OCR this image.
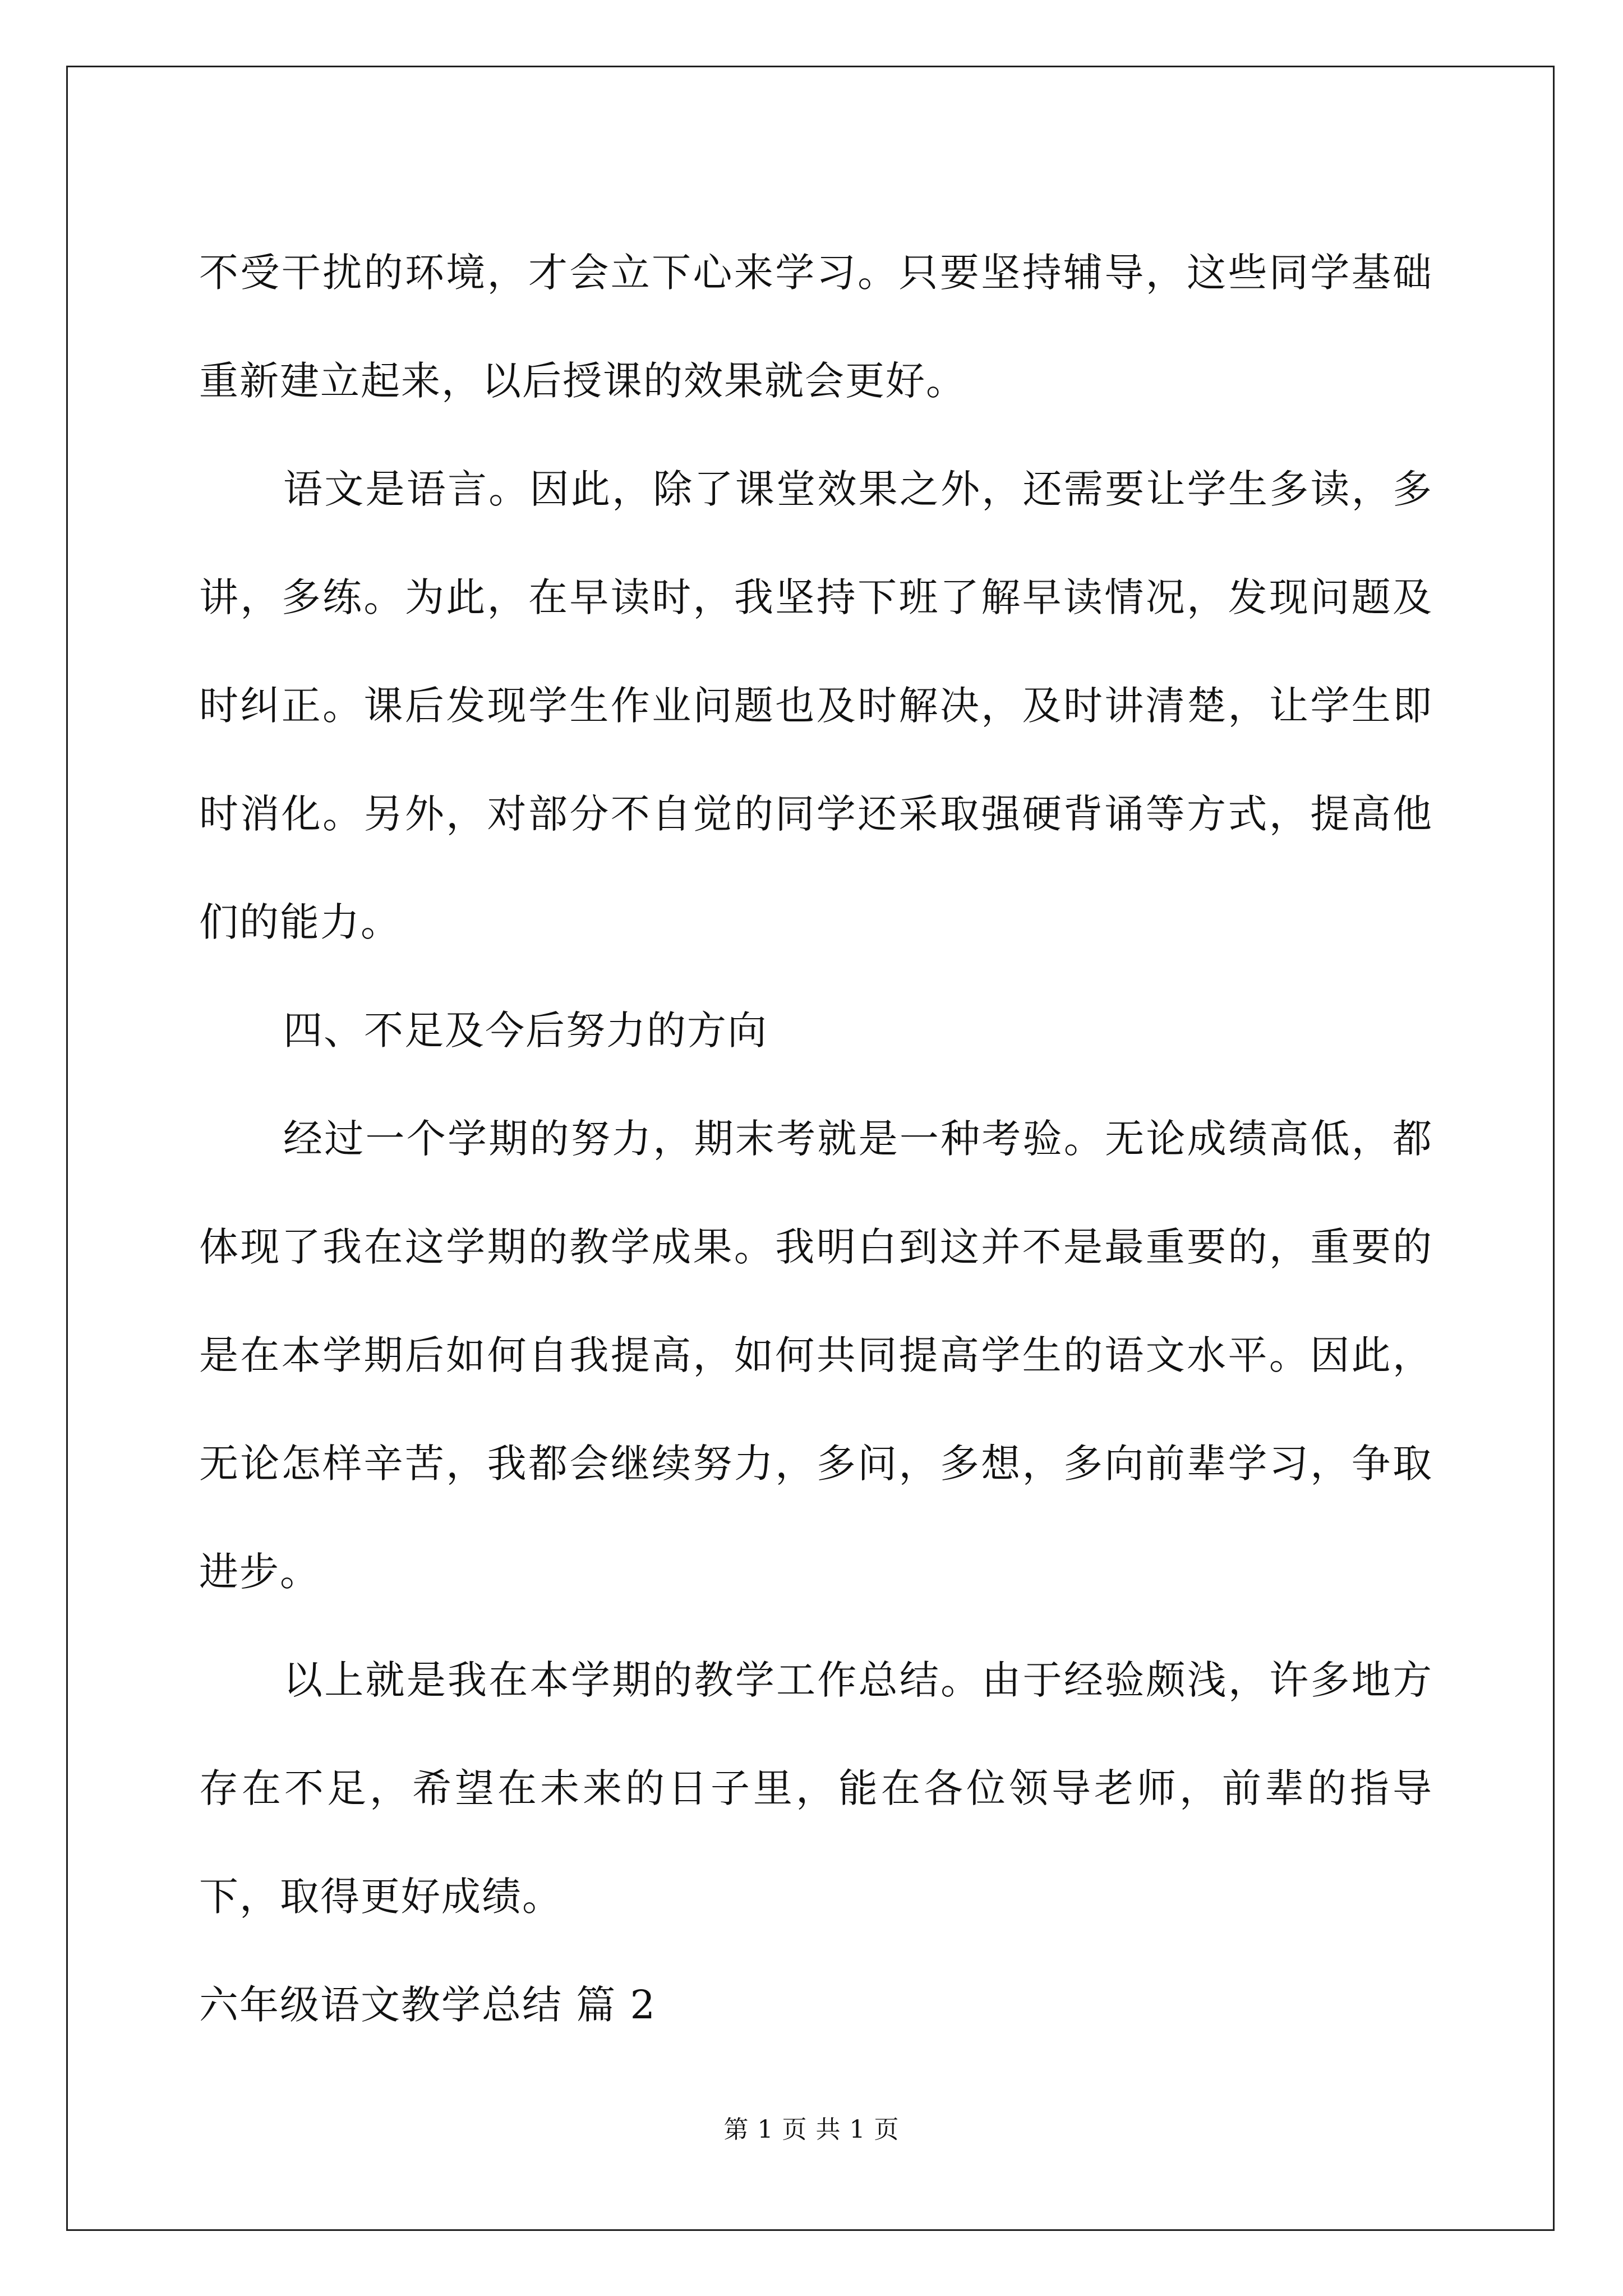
不受干扰的环境，才会立下心来学习。只要坚持辅导，这些同学基础重新建立起来，以后授课的效果就会更好。

语文是语言。因此，除了课堂效果之外，还需要让学生多读，多讲，多练。为此，在早读时，我坚持下班了解早读情况，发现问题及时纠正。课后发现学生作业问题也及时解决，及时讲清楚，让学生即时消化。另外，对部分不自觉的同学还采取强硬背诵等方式，提高他们的能力。

四、不足及今后努力的方向

经过一个学期的努力，期末考就是一种考验。无论成绩高低，都体现了我在这学期的教学成果。我明白到这并不是最重要的，重要的是在本学期后如何自我提高，如何共同提高学生的语文水平。因此，无论怎样辛苦，我都会继续努力，多问，多想，多向前辈学习，争取进步。

以上就是我在本学期的教学工作总结。由于经验颇浅，许多地方存在不足，希望在未来的日子里，能在各位领导老师，前辈的指导下，取得更好成绩。

六年级语文教学总结 篇 2

第 1 页 共 1 页
